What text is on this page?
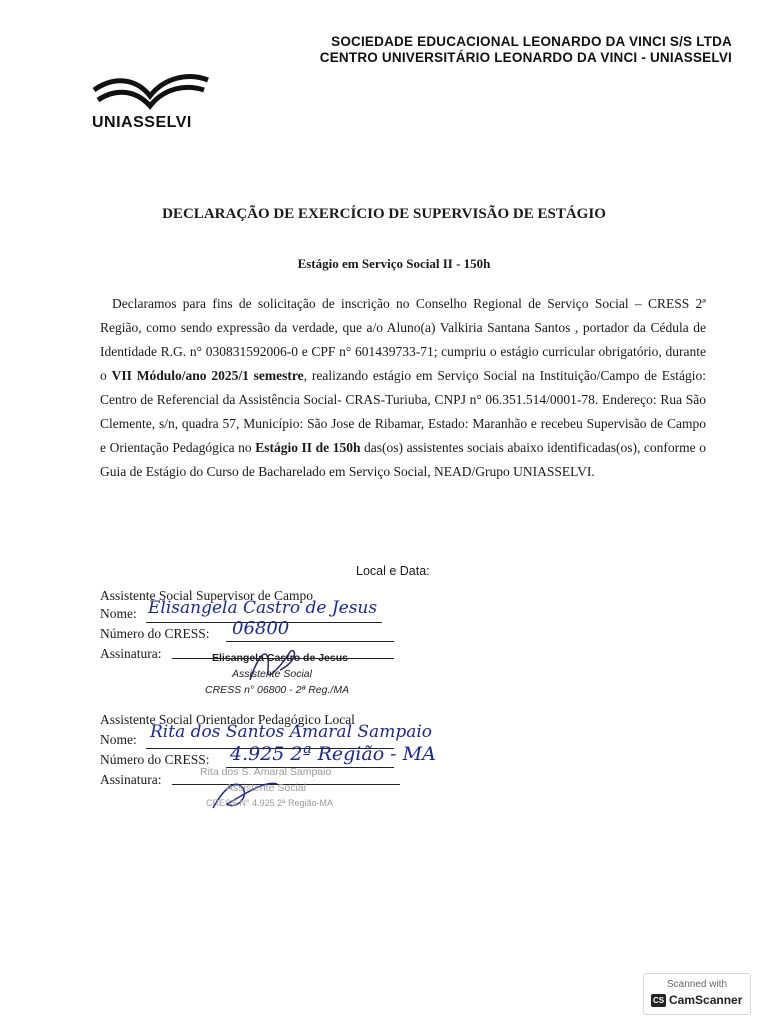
SOCIEDADE EDUCACIONAL LEONARDO DA VINCI S/S LTDA
CENTRO UNIVERSITÁRIO LEONARDO DA VINCI - UNIASSELVI
UNIASSELVI
DECLARAÇÃO DE EXERCÍCIO DE SUPERVISÃO DE ESTÁGIO
Estágio em Serviço Social II - 150h
Declaramos para fins de solicitação de inscrição no Conselho Regional de Serviço Social – CRESS 2ª Região, como sendo expressão da verdade, que a/o Aluno(a) Valkiria Santana Santos , portador da Cédula de Identidade R.G. n° 030831592006-0 e CPF n° 601439733-71; cumpriu o estágio curricular obrigatório, durante o VII Módulo/ano 2025/1 semestre, realizando estágio em Serviço Social na Instituição/Campo de Estágio: Centro de Referencial da Assistência Social- CRAS-Turiuba, CNPJ n° 06.351.514/0001-78. Endereço: Rua São Clemente, s/n, quadra 57, Município: São Jose de Ribamar, Estado: Maranhão e recebeu Supervisão de Campo e Orientação Pedagógica no Estágio II de 150h das(os) assistentes sociais abaixo identificadas(os), conforme o Guia de Estágio do Curso de Bacharelado em Serviço Social, NEAD/Grupo UNIASSELVI.
Local e Data:
Assistente Social Supervisor de Campo
Nome: Elisangela Castro de Jesus
Número do CRESS: 06800
Assinatura:	Elisangela Castro de Jesus
Assistente Social
CRESS n° 06800 - 2ª Reg./MA
Assistente Social Orientador Pedagógico Local
Nome: Rita dos Santos Amaral Sampaio
Número do CRESS: 4.925 2ª Região - MA
Assinatura:	Rita dos S. Amaral Sampaio
Assistente Social
CRESS N° 4.925 2ª Região-MA
Scanned with
CS CamScanner
